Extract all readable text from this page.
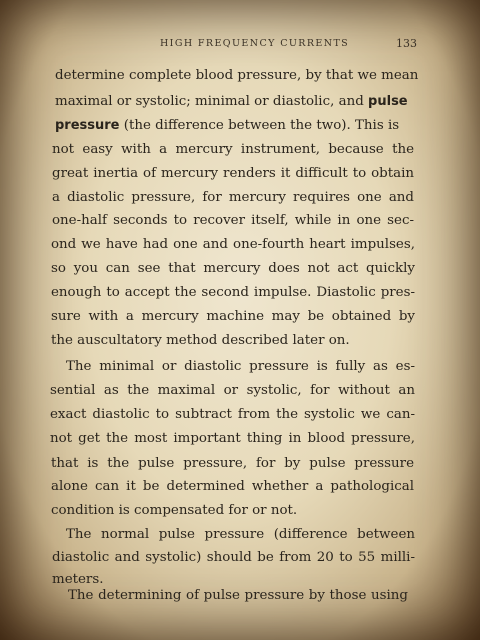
HIGH FREQUENCY CURRENTS	133
determine complete blood pressure, by that we mean
maximal or systolic; minimal or diastolic, and pulse
pressure (the difference between the two). This is
not easy with a mercury instrument, because the
great inertia of mercury renders it difficult to obtain
a diastolic pressure, for mercury requires one and
one-half seconds to recover itself, while in one sec-
ond we have had one and one-fourth heart impulses,
so you can see that mercury does not act quickly
enough to accept the second impulse. Diastolic pres-
sure with a mercury machine may be obtained by
the auscultatory method described later on.
The minimal or diastolic pressure is fully as es-
sential as the maximal or systolic, for without an
exact diastolic to subtract from the systolic we can-
not get the most important thing in blood pressure,
that is the pulse pressure, for by pulse pressure
alone can it be determined whether a pathological
condition is compensated for or not.
The normal pulse pressure (difference between
diastolic and systolic) should be from 20 to 55 milli-
meters.
The determining of pulse pressure by those using
